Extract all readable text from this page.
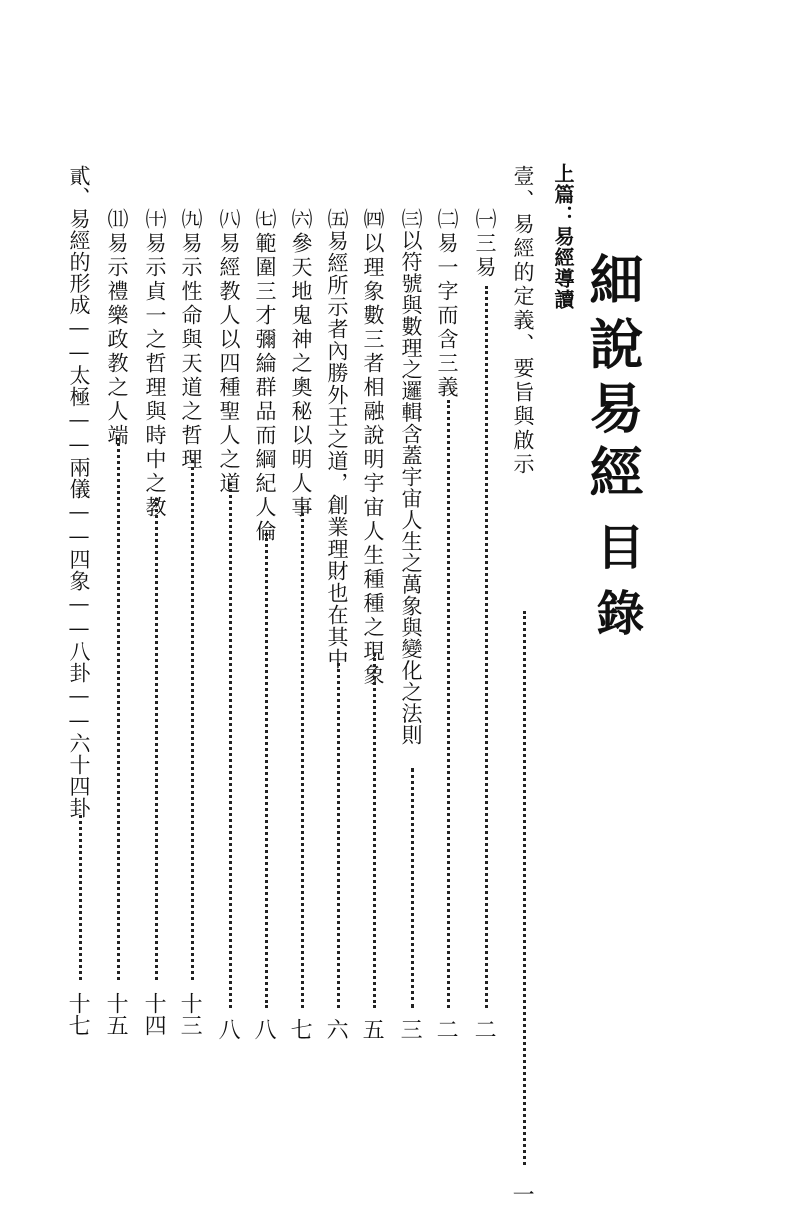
細說易經
目錄
上篇：易經導讀
壹、易經的定義、要旨與啟示
一
㈠三易
二
㈡易一字而含三義
二
㈢以符號與數理之邏輯含蓋宇宙人生之萬象與變化之法則
三
㈣以理象數三者相融說明宇宙人生種種之現象
五
㈤易經所示者內勝外王之道，創業理財也在其中
六
㈥參天地鬼神之奧秘以明人事
七
㈦範圍三才彌綸群品而綱紀人倫
八
㈧易經教人以四種聖人之道
八
㈨易示性命與天道之哲理
十三
㈩易示貞一之哲理與時中之教
十四
⑾易示禮樂政教之人端
十五
貳、易經的形成——太極——兩儀——四象——八卦——六十四卦
十七
